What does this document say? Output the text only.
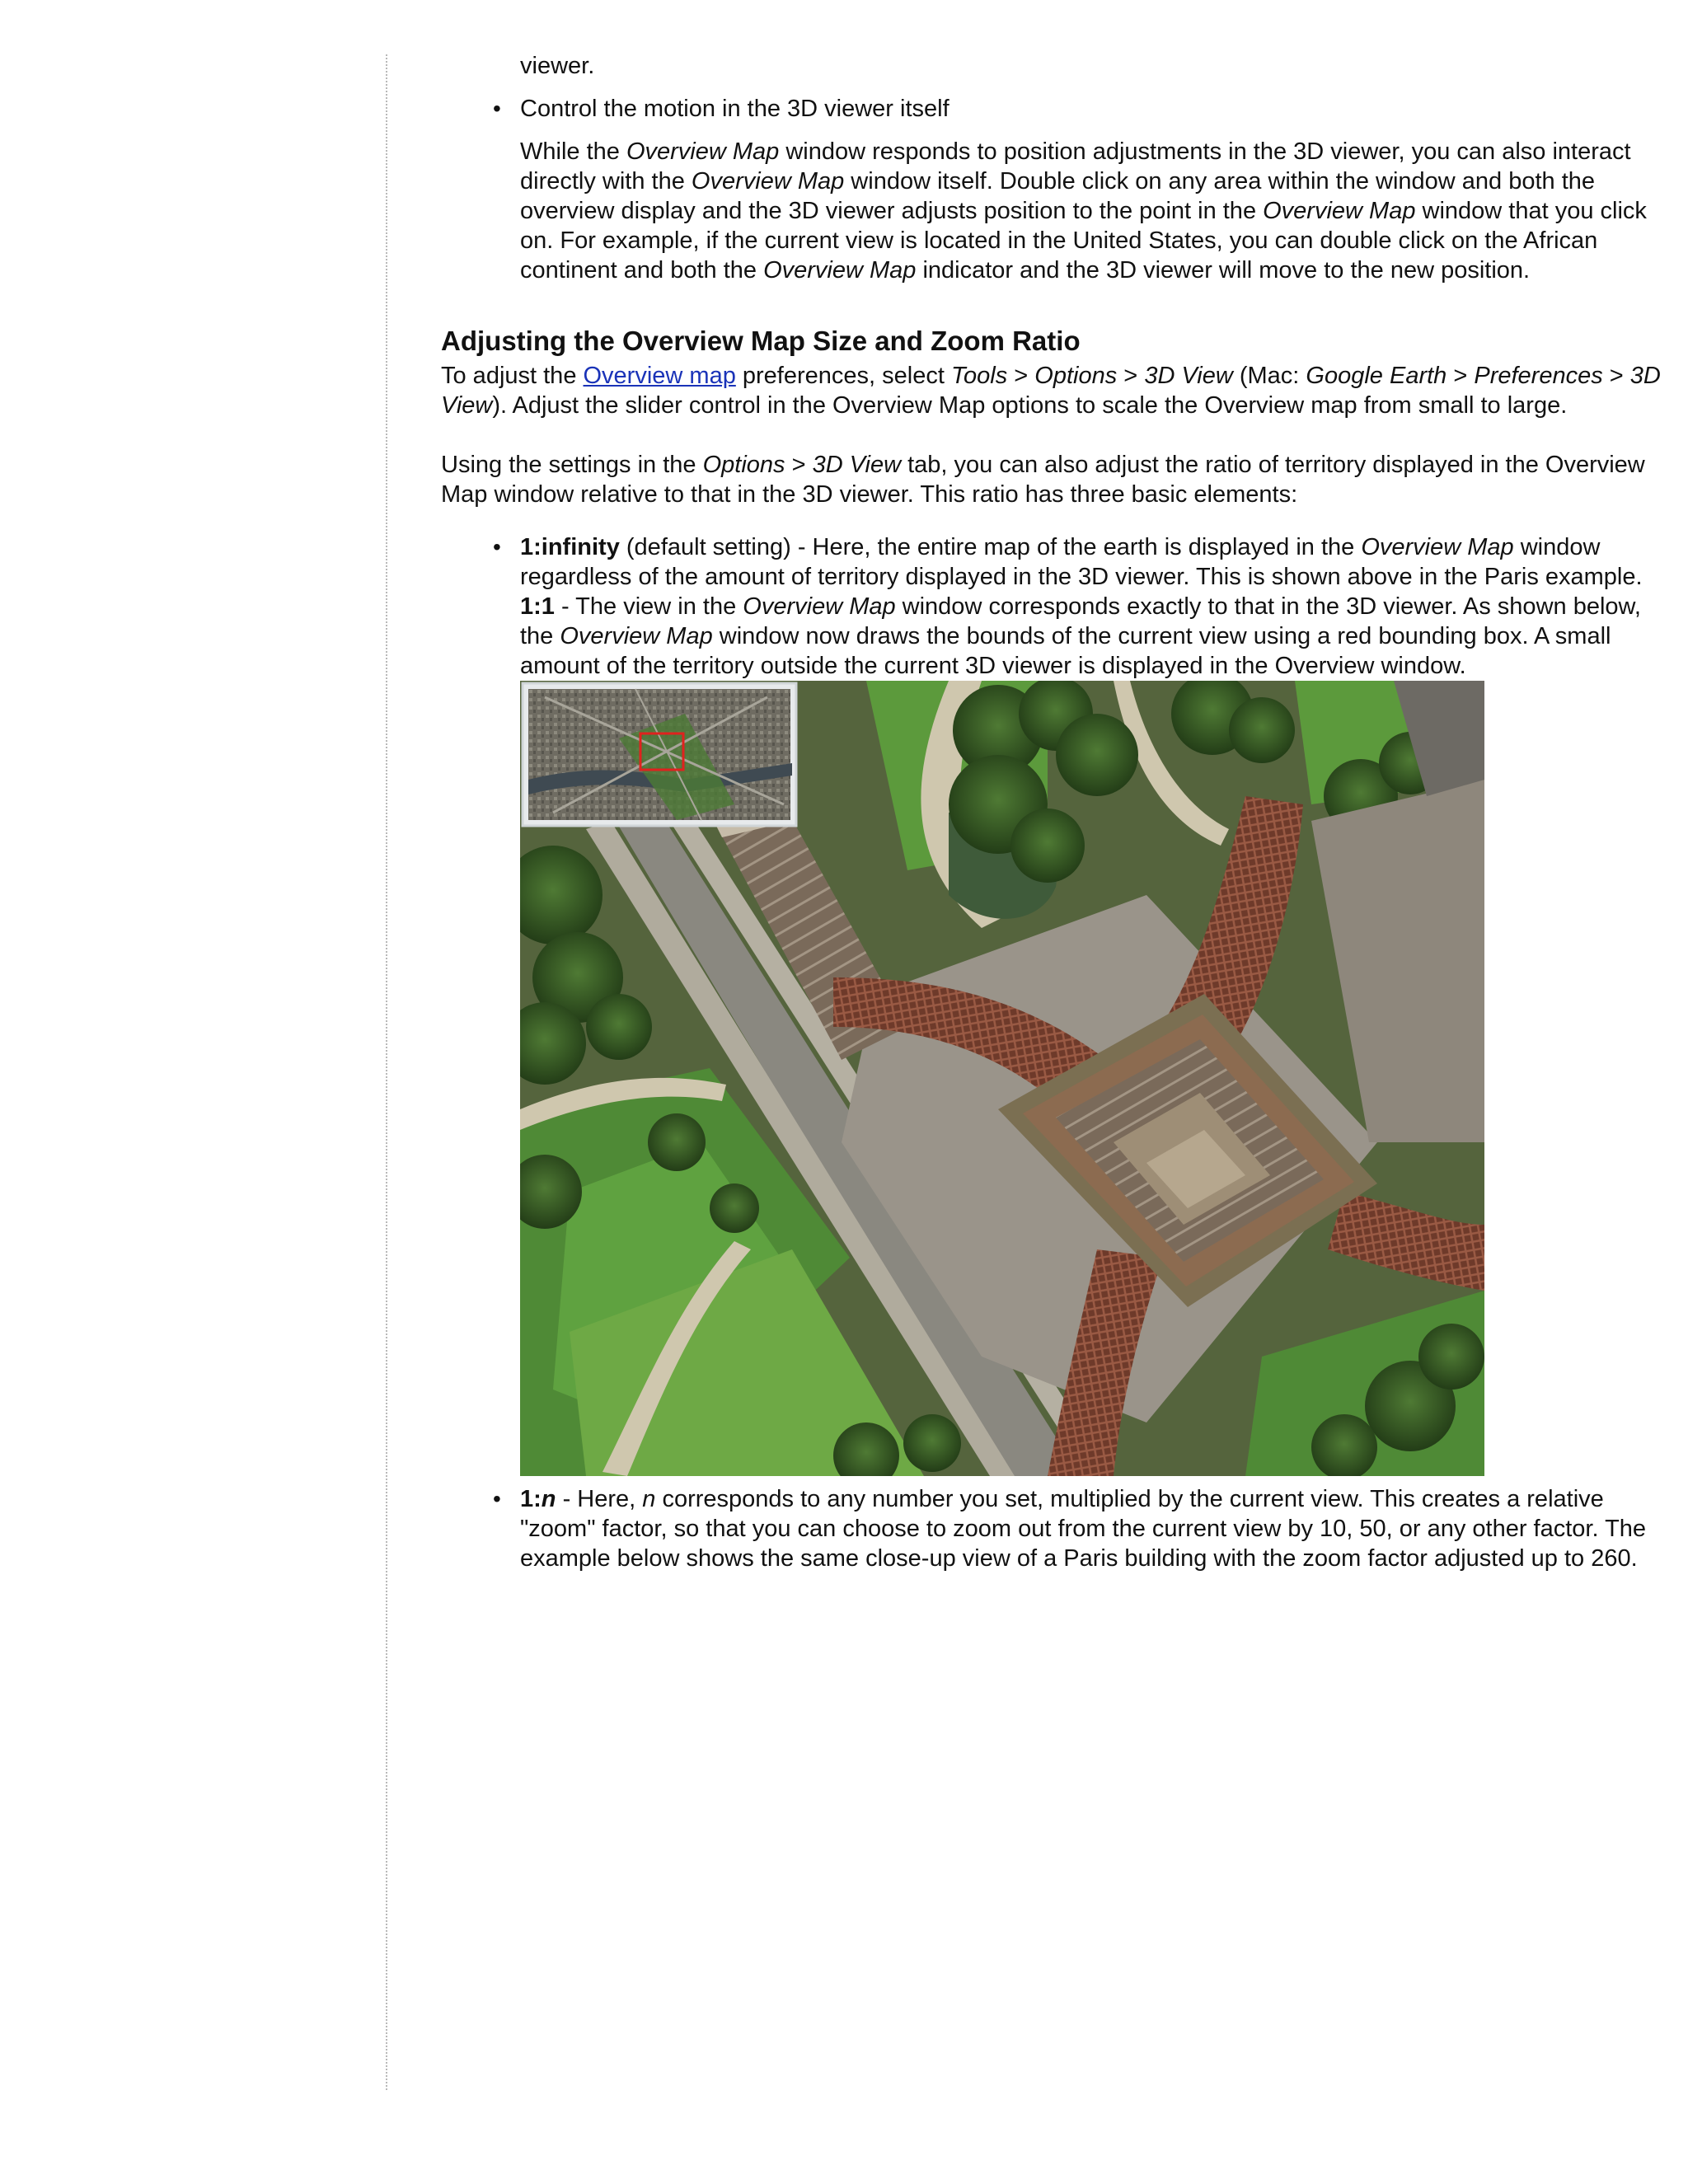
viewer.

• Control the motion in the 3D viewer itself

While the Overview Map window responds to position adjustments in the 3D viewer, you can also interact directly with the Overview Map window itself. Double click on any area within the window and both the overview display and the 3D viewer adjusts position to the point in the Overview Map window that you click on. For example, if the current view is located in the United States, you can double click on the African continent and both the Overview Map indicator and the 3D viewer will move to the new position.

Adjusting the Overview Map Size and Zoom Ratio

To adjust the Overview map preferences, select Tools > Options > 3D View (Mac: Google Earth > Preferences > 3D View). Adjust the slider control in the Overview Map options to scale the Overview map from small to large.

Using the settings in the Options > 3D View tab, you can also adjust the ratio of territory displayed in the Overview Map window relative to that in the 3D viewer. This ratio has three basic elements:

• 1:infinity (default setting) - Here, the entire map of the earth is displayed in the Overview Map window regardless of the amount of territory displayed in the 3D viewer. This is shown above in the Paris example. 1:1 - The view in the Overview Map window corresponds exactly to that in the 3D viewer. As shown below, the Overview Map window now draws the bounds of the current view using a red bounding box. A small amount of the territory outside the current 3D viewer is displayed in the Overview window.

• 1:n - Here, n corresponds to any number you set, multiplied by the current view. This creates a relative "zoom" factor, so that you can choose to zoom out from the current view by 10, 50, or any other factor. The example below shows the same close-up view of a Paris building with the zoom factor adjusted up to 260.
